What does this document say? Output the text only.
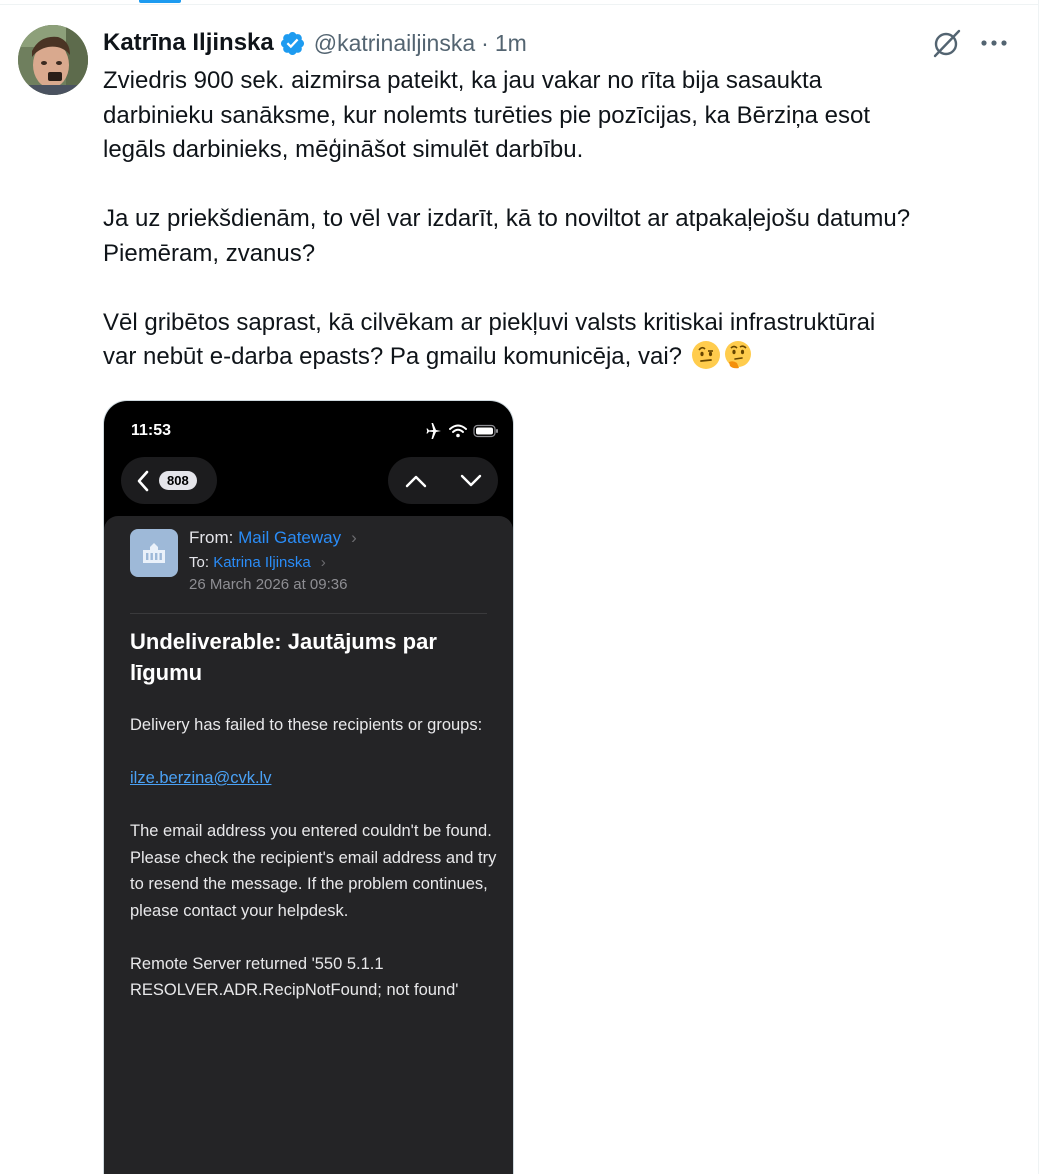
Katrīna Iljinska @katrinailjinska · 1m

Zviedris 900 sek. aizmirsa pateikt, ka jau vakar no rīta bija sasaukta
darbinieku sanāksme, kur nolemts turēties pie pozīcijas, ka Bērziņa esot
legāls darbinieks, mēģināšot simulēt darbību.

Ja uz priekšdienām, to vēl var izdarīt, kā to noviltot ar atpakaļejošu datumu?
Piemēram, zvanus?

Vēl gribētos saprast, kā cilvēkam ar piekļuvi valsts kritiskai infrastruktūrai
var nebūt e-darba epasts? Pa gmailu komunicēja, vai?

11:53
808
From: Mail Gateway ›
To: Katrina Iljinska ›
26 March 2026 at 09:36
Undeliverable: Jautājums par līgumu

Delivery has failed to these recipients or groups:

ilze.berzina@cvk.lv

The email address you entered couldn't be found. Please check the recipient's email address and try to resend the message. If the problem continues, please contact your helpdesk.

Remote Server returned '550 5.1.1 RESOLVER.ADR.RecipNotFound; not found'
